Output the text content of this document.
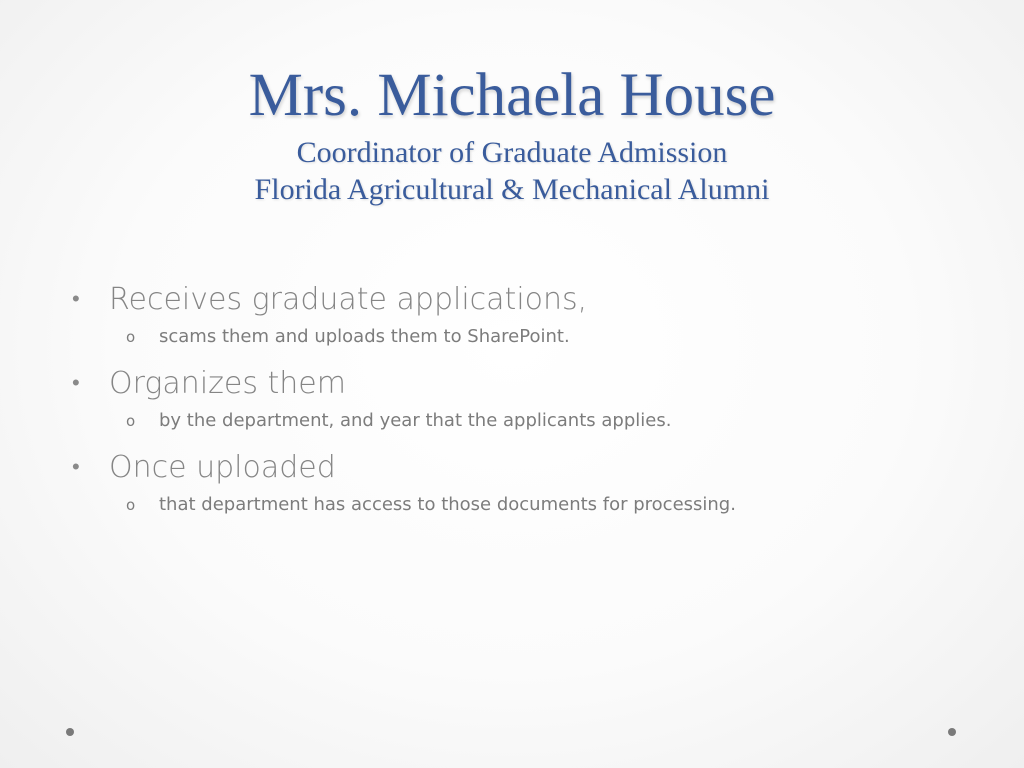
Mrs. Michaela House
Coordinator of Graduate Admission
Florida Agricultural & Mechanical Alumni
• Receives graduate applications,
o scams them and uploads them to SharePoint.
• Organizes them
o by the department, and year that the applicants applies.
• Once uploaded
o that department has access to those documents for processing.
